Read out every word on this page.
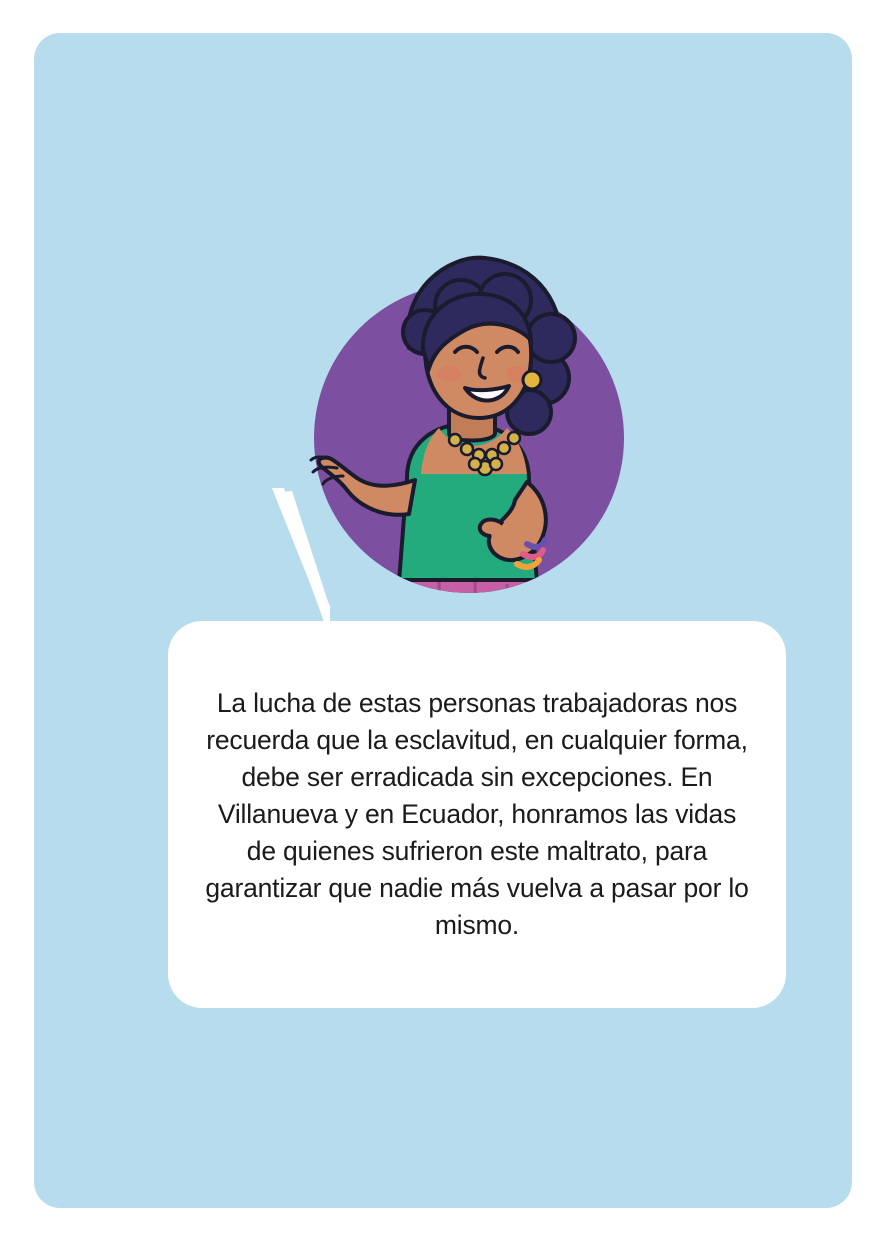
La lucha de estas personas trabajadoras nos recuerda que la esclavitud, en cualquier forma, debe ser erradicada sin excepciones. En Villanueva y en Ecuador, honramos las vidas de quienes sufrieron este maltrato, para garantizar que nadie más vuelva a pasar por lo mismo.
